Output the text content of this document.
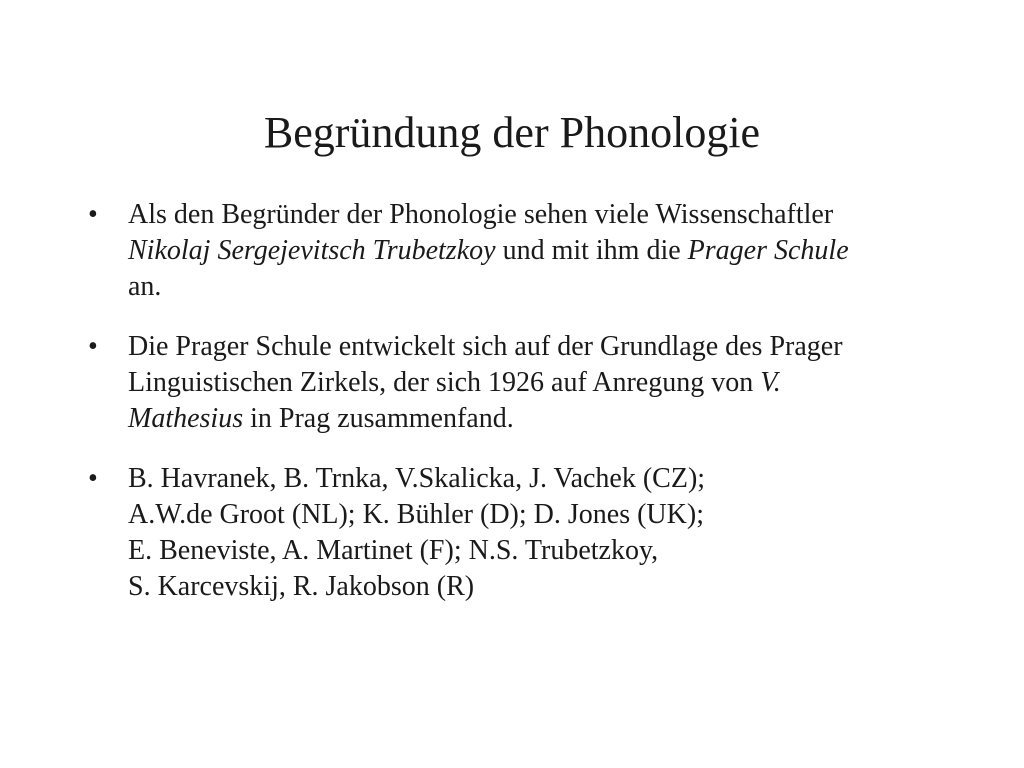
Begründung der Phonologie
•	Als den Begründer der Phonologie sehen viele Wissenschaftler
Nikolaj Sergejevitsch Trubetzkoy und mit ihm die Prager Schule
an.
•	Die Prager Schule entwickelt sich auf der Grundlage des Prager
Linguistischen Zirkels, der sich 1926 auf Anregung von V.
Mathesius in Prag zusammenfand.
•	B. Havranek, B. Trnka, V.Skalicka, J. Vachek (CZ);
A.W.de Groot (NL); K. Bühler (D); D. Jones (UK);
E. Beneviste, A. Martinet (F); N.S. Trubetzkoy,
S. Karcevskij, R. Jakobson (R)
